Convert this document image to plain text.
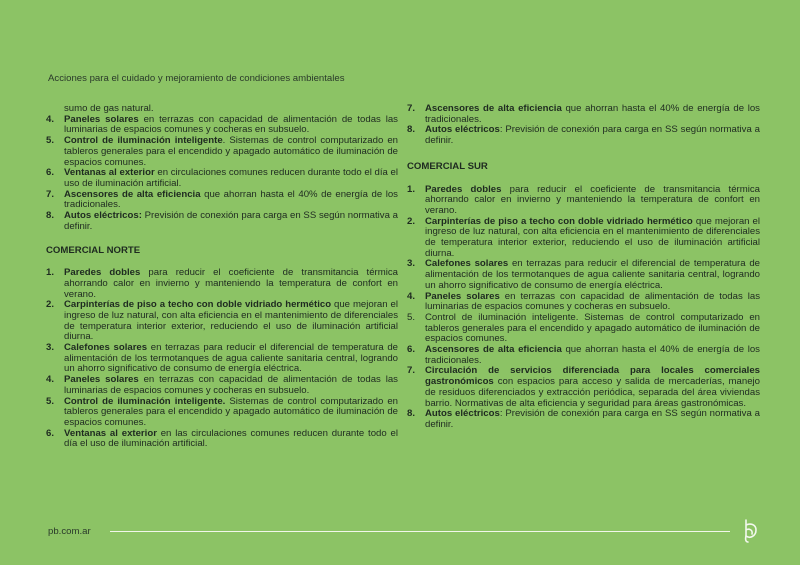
Acciones para el cuidado y mejoramiento de condiciones ambientales
sumo de gas natural.
4. Paneles solares en terrazas con capacidad de alimentación de todas las luminarias de espacios comunes y cocheras en subsuelo.
5. Control de iluminación inteligente. Sistemas de control computarizado en tableros generales para el encendido y apagado automático de iluminación de espacios comunes.
6. Ventanas al exterior en circulaciones comunes reducen durante todo el día el uso de iluminación artificial.
7. Ascensores de alta eficiencia que ahorran hasta el 40% de energía de los tradicionales.
8. Autos eléctricos: Previsión de conexión para carga en SS según normativa a definir.
COMERCIAL NORTE
1. Paredes dobles para reducir el coeficiente de transmitancia térmica ahorrando calor en invierno y manteniendo la temperatura de confort en verano.
2. Carpinterías de piso a techo con doble vidriado hermético que mejoran el ingreso de luz natural, con alta eficiencia en el mantenimiento de diferenciales de temperatura interior exterior, reduciendo el uso de iluminación artificial diurna.
3. Calefones solares en terrazas para reducir el diferencial de temperatura de alimentación de los termotanques de agua caliente sanitaria central, logrando un ahorro significativo de consumo de energía eléctrica.
4. Paneles solares en terrazas con capacidad de alimentación de todas las luminarias de espacios comunes y cocheras en subsuelo.
5. Control de iluminación inteligente. Sistemas de control computarizado en tableros generales para el encendido y apagado automático de iluminación de espacios comunes.
6. Ventanas al exterior en las circulaciones comunes reducen durante todo el día el uso de iluminación artificial.
7. Ascensores de alta eficiencia que ahorran hasta el 40% de energía de los tradicionales.
8. Autos eléctricos: Previsión de conexión para carga en SS según normativa a definir.
COMERCIAL SUR
1. Paredes dobles para reducir el coeficiente de transmitancia térmica ahorrando calor en invierno y manteniendo la temperatura de confort en verano.
2. Carpinterías de piso a techo con doble vidriado hermético que mejoran el ingreso de luz natural, con alta eficiencia en el mantenimiento de diferenciales de temperatura interior exterior, reduciendo el uso de iluminación artificial diurna.
3. Calefones solares en terrazas para reducir el diferencial de temperatura de alimentación de los termotanques de agua caliente sanitaria central, logrando un ahorro significativo de consumo de energía eléctrica.
4. Paneles solares en terrazas con capacidad de alimentación de todas las luminarias de espacios comunes y cocheras en subsuelo.
5. Control de iluminación inteligente. Sistemas de control computarizado en tableros generales para el encendido y apagado automático de iluminación de espacios comunes.
6. Ascensores de alta eficiencia que ahorran hasta el 40% de energía de los tradicionales.
7. Circulación de servicios diferenciada para locales comerciales gastronómicos con espacios para acceso y salida de mercaderías, manejo de residuos diferenciados y extracción periódica, separada del área viviendas barrio. Normativas de alta eficiencia y seguridad para áreas gastronómicas.
8. Autos eléctricos: Previsión de conexión para carga en SS según normativa a definir.
pb.com.ar
